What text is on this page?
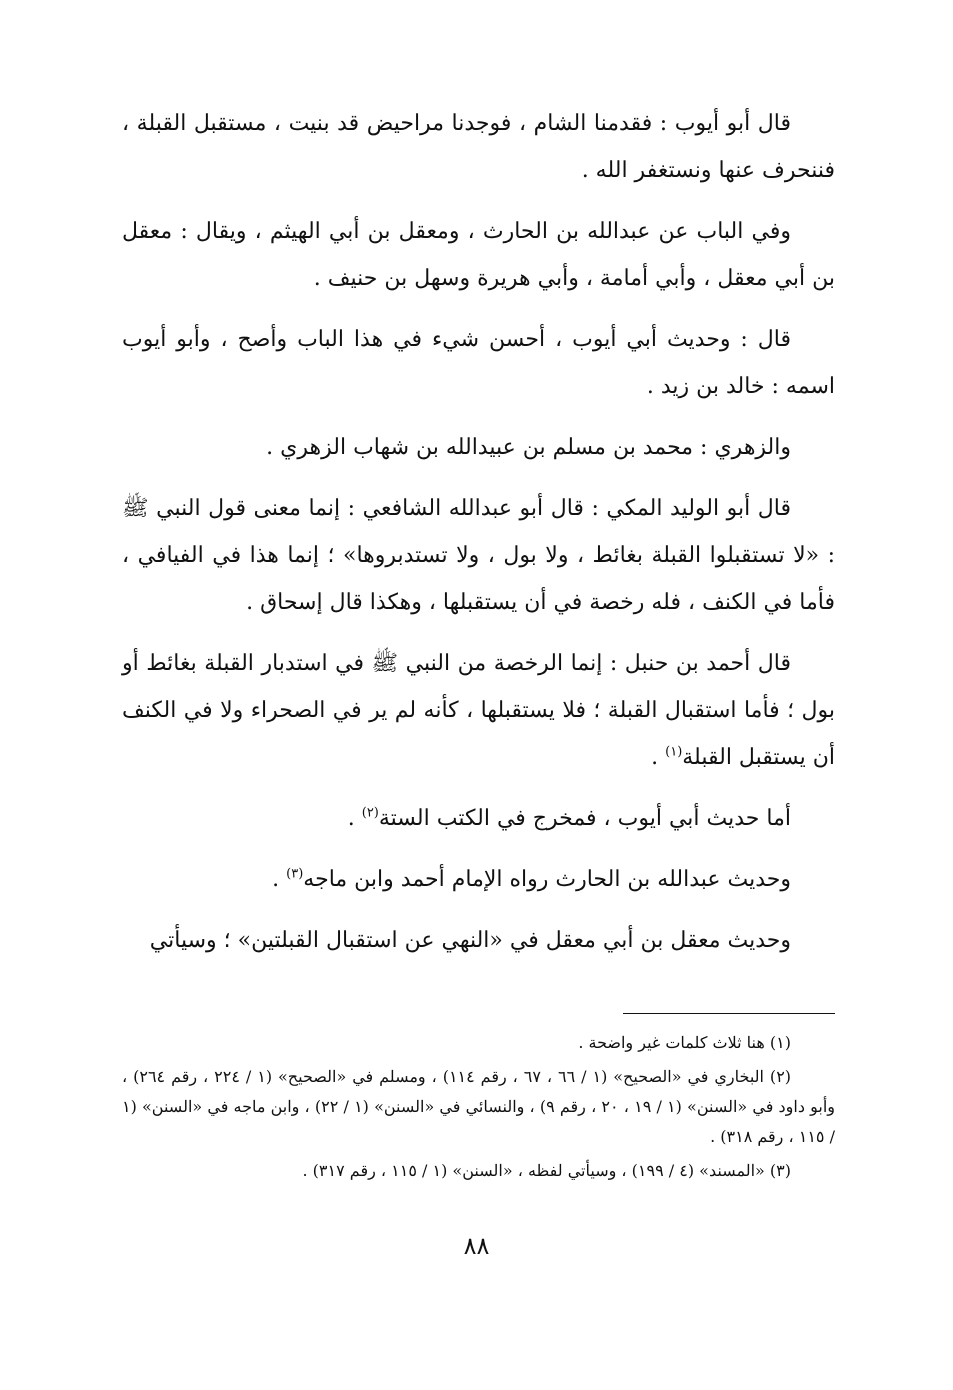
قال أبو أيوب : فقدمنا الشام ، فوجدنا مراحيض قد بنيت ، مستقبل القبلة ، فننحرف عنها ونستغفر الله .

وفي الباب عن عبدالله بن الحارث ، ومعقل بن أبي الهيثم ، ويقال : معقل بن أبي معقل ، وأبي أمامة ، وأبي هريرة وسهل بن حنيف .

قال : وحديث أبي أيوب ، أحسن شيء في هذا الباب وأصح ، وأبو أيوب اسمه : خالد بن زيد .

والزهري : محمد بن مسلم بن عبيدالله بن شهاب الزهري .

قال أبو الوليد المكي : قال أبو عبدالله الشافعي : إنما معنى قول النبي ﷺ : «لا تستقبلوا القبلة بغائط ، ولا بول ، ولا تستدبروها» ؛ إنما هذا في الفيافي ، فأما في الكنف ، فله رخصة في أن يستقبلها ، وهكذا قال إسحاق .

قال أحمد بن حنبل : إنما الرخصة من النبي ﷺ في استدبار القبلة بغائط أو بول ؛ فأما استقبال القبلة ؛ فلا يستقبلها ، كأنه لم ير في الصحراء ولا في الكنف أن يستقبل القبلة$^{(١)}$ .

أما حديث أبي أيوب ، فمخرج في الكتب الستة$^{(٢)}$ .

وحديث عبدالله بن الحارث رواه الإمام أحمد وابن ماجه$^{(٣)}$ .

وحديث معقل بن أبي معقل في «النهي عن استقبال القبلتين» ؛ وسيأتي

(١) هنا ثلاث كلمات غير واضحة .

(٢) البخاري في «الصحيح» (١ / ٦٦ ، ٦٧ ، رقم ١١٤) ، ومسلم في «الصحيح» (١ / ٢٢٤ ، رقم ٢٦٤) ، وأبو داود في «السنن» (١ / ١٩ ، ٢٠ ، رقم ٩) ، والنسائي في «السنن» (١ / ٢٢) ، وابن ماجه في «السنن» (١ / ١١٥ ، رقم ٣١٨) .

(٣) «المسند» (٤ / ١٩٩) ، وسيأتي لفظه ، «السنن» (١ / ١١٥ ، رقم ٣١٧) .

٨٨
